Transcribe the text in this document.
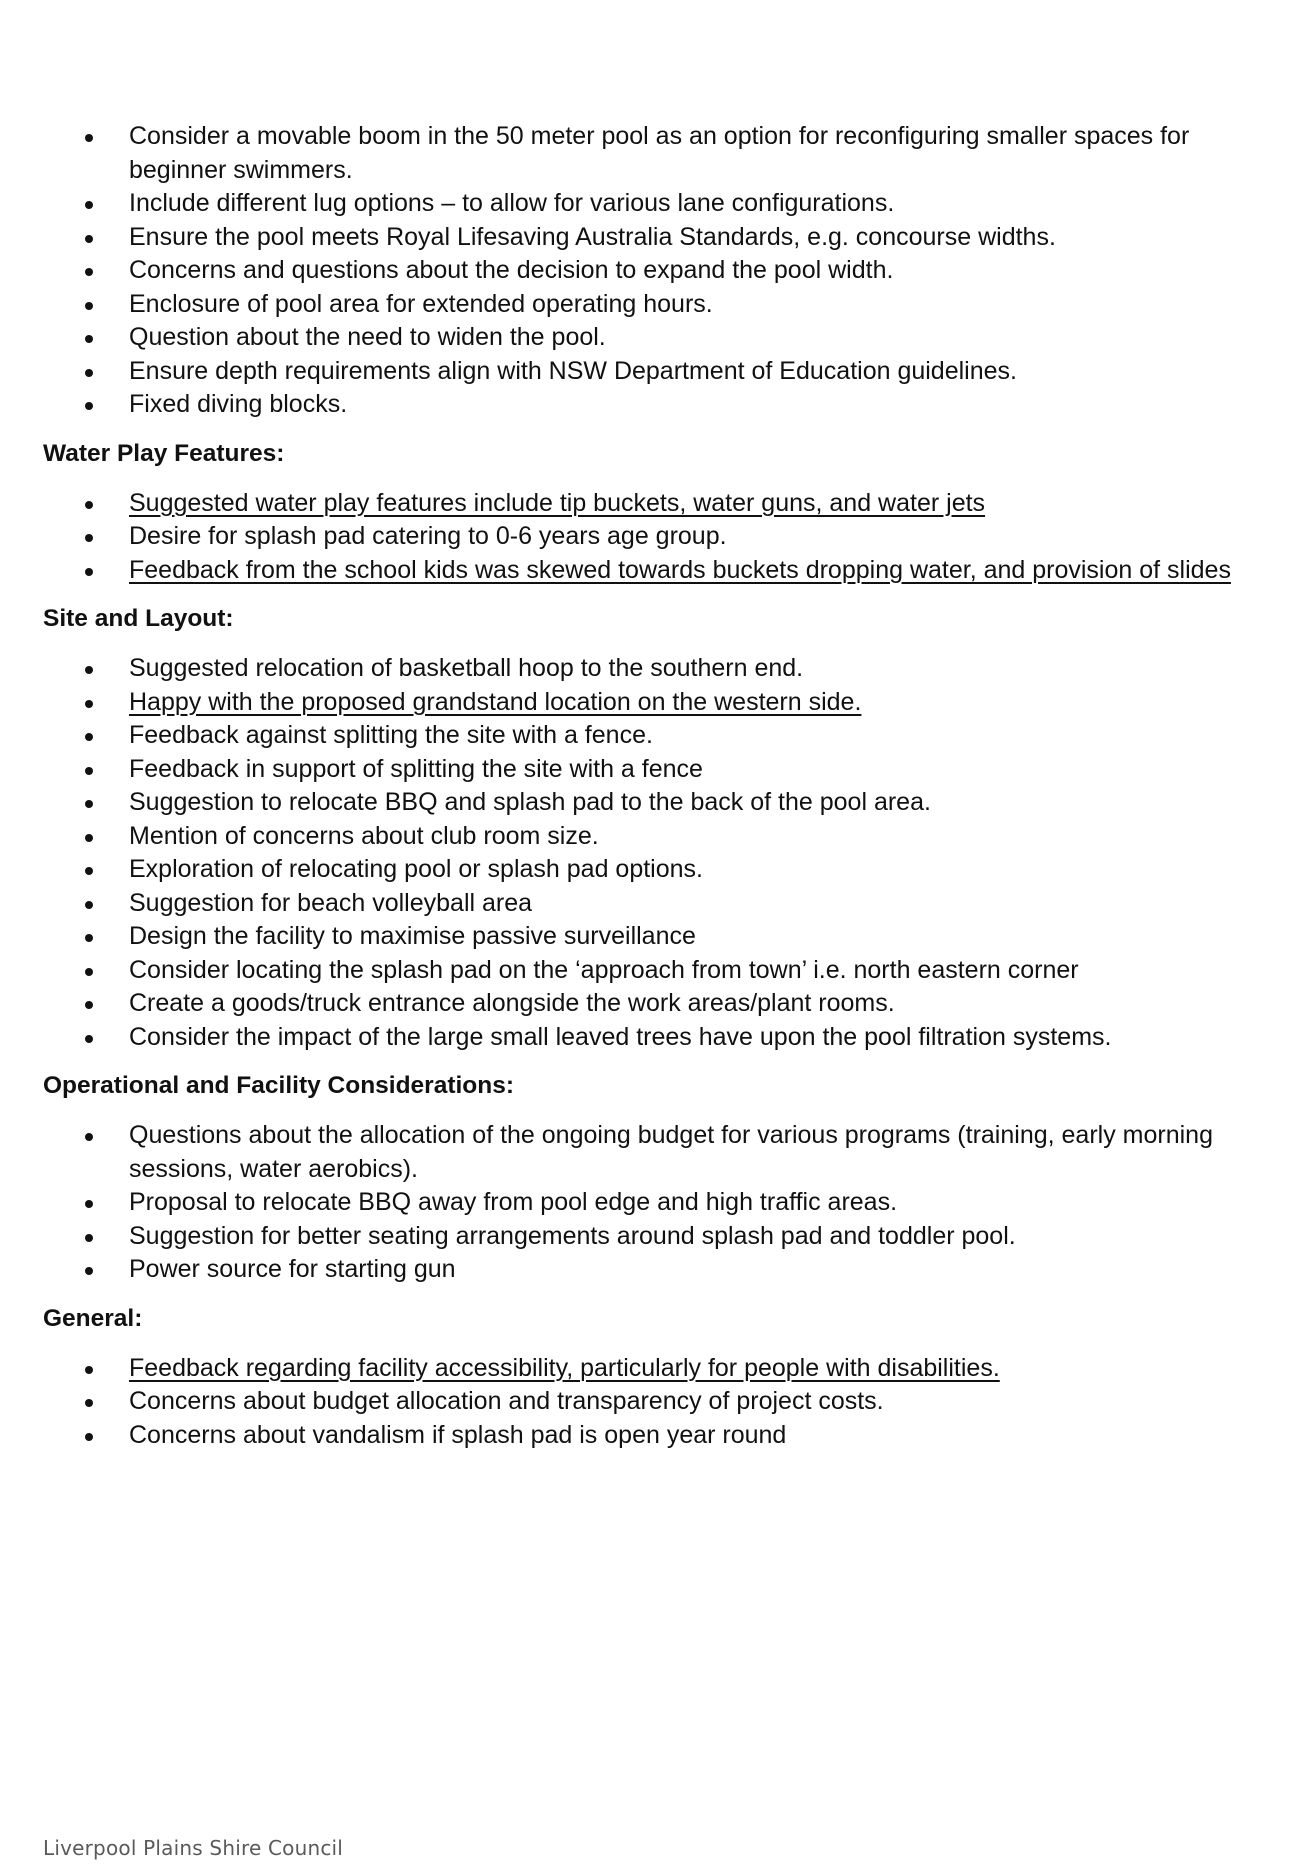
Consider a movable boom in the 50 meter pool as an option for reconfiguring smaller spaces for beginner swimmers.
Include different lug options – to allow for various lane configurations.
Ensure the pool meets Royal Lifesaving Australia Standards, e.g. concourse widths.
Concerns and questions about the decision to expand the pool width.
Enclosure of pool area for extended operating hours.
Question about the need to widen the pool.
Ensure depth requirements align with NSW Department of Education guidelines.
Fixed diving blocks.
Water Play Features:
Suggested water play features include tip buckets, water guns, and water jets
Desire for splash pad catering to 0-6 years age group.
Feedback from the school kids was skewed towards buckets dropping water, and provision of slides
Site and Layout:
Suggested relocation of basketball hoop to the southern end.
Happy with the proposed grandstand location on the western side.
Feedback against splitting the site with a fence.
Feedback in support of splitting the site with a fence
Suggestion to relocate BBQ and splash pad to the back of the pool area.
Mention of concerns about club room size.
Exploration of relocating pool or splash pad options.
Suggestion for beach volleyball area
Design the facility to maximise passive surveillance
Consider locating the splash pad on the ‘approach from town’ i.e. north eastern corner
Create a goods/truck entrance alongside the work areas/plant rooms.
Consider the impact of the large small leaved trees have upon the pool filtration systems.
Operational and Facility Considerations:
Questions about the allocation of the ongoing budget for various programs (training, early morning sessions, water aerobics).
Proposal to relocate BBQ away from pool edge and high traffic areas.
Suggestion for better seating arrangements around splash pad and toddler pool.
Power source for starting gun
General:
Feedback regarding facility accessibility, particularly for people with disabilities.
Concerns about budget allocation and transparency of project costs.
Concerns about vandalism if splash pad is open year round
Liverpool Plains Shire Council
